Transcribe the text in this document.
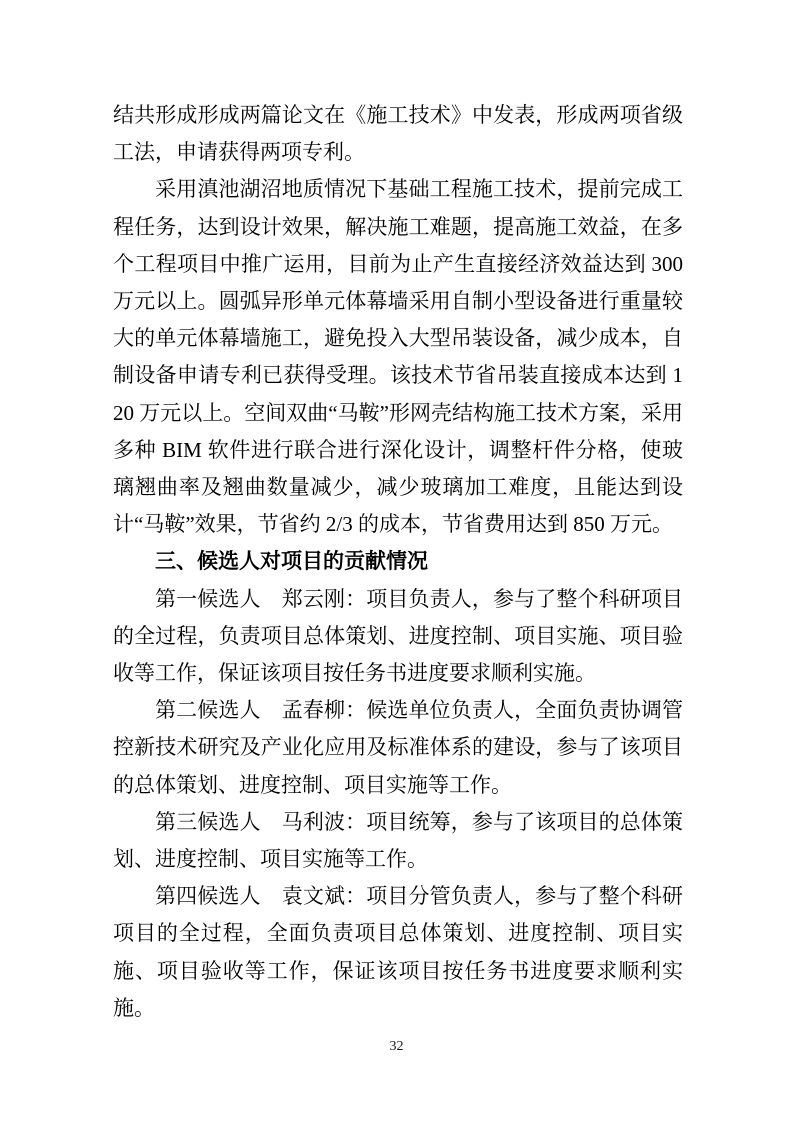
结共形成形成两篇论文在《施工技术》中发表，形成两项省级工法，申请获得两项专利。

采用滇池湖沼地质情况下基础工程施工技术，提前完成工程任务，达到设计效果，解决施工难题，提高施工效益，在多个工程项目中推广运用，目前为止产生直接经济效益达到 300 万元以上。圆弧异形单元体幕墙采用自制小型设备进行重量较大的单元体幕墙施工，避免投入大型吊装设备，减少成本，自制设备申请专利已获得受理。该技术节省吊装直接成本达到 120 万元以上。空间双曲“马鞍”形网壳结构施工技术方案，采用多种 BIM 软件进行联合进行深化设计，调整杆件分格，使玻璃翘曲率及翘曲数量减少，减少玻璃加工难度，且能达到设计“马鞍”效果，节省约 2/3 的成本，节省费用达到 850 万元。

三、候选人对项目的贡献情况

第一候选人　郑云刚：项目负责人，参与了整个科研项目的全过程，负责项目总体策划、进度控制、项目实施、项目验收等工作，保证该项目按任务书进度要求顺利实施。

第二候选人　孟春柳：候选单位负责人，全面负责协调管控新技术研究及产业化应用及标准体系的建设，参与了该项目的总体策划、进度控制、项目实施等工作。

第三候选人　马利波：项目统筹，参与了该项目的总体策划、进度控制、项目实施等工作。

第四候选人　袁文斌：项目分管负责人，参与了整个科研项目的全过程，全面负责项目总体策划、进度控制、项目实施、项目验收等工作，保证该项目按任务书进度要求顺利实施。

32
